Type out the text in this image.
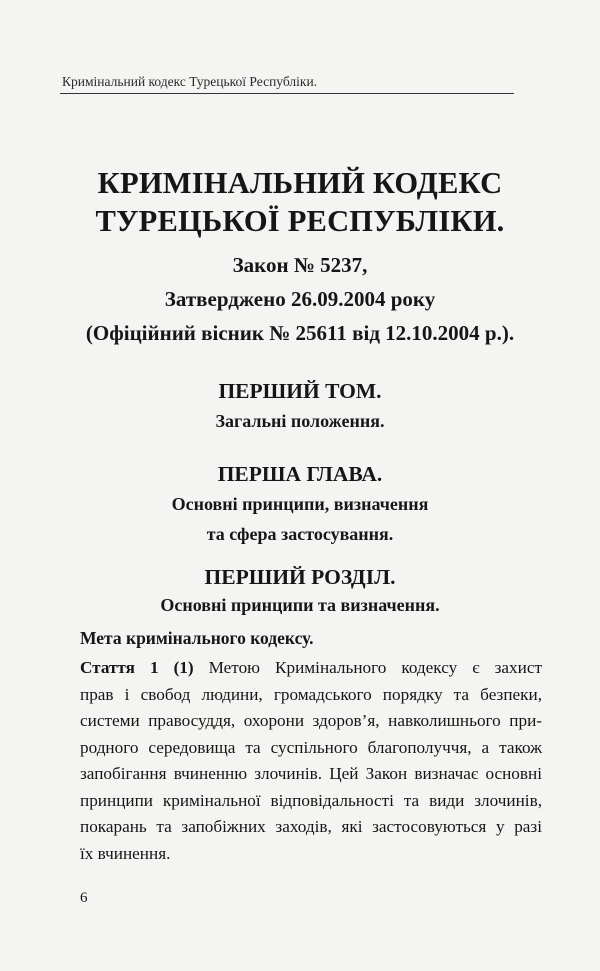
Кримінальний кодекс Турецької Республіки.
КРИМІНАЛЬНИЙ КОДЕКС
ТУРЕЦЬКОЇ РЕСПУБЛІКИ.
Закон № 5237,
Затверджено 26.09.2004 року
(Офіційний вісник № 25611 від 12.10.2004 р.).
ПЕРШИЙ ТОМ.
Загальні положення.
ПЕРША ГЛАВА.
Основні принципи, визначення
та сфера застосування.
ПЕРШИЙ РОЗДІЛ.
Основні принципи та визначення.
Мета кримінального кодексу.
Стаття 1 (1) Метою Кримінального кодексу є захист
прав і свобод людини, громадського порядку та безпеки,
системи правосуддя, охорони здоров’я, навколишнього при-
родного середовища та суспільного благополуччя, а також
запобігання вчиненню злочинів. Цей Закон визначає основні
принципи кримінальної відповідальності та види злочинів,
покарань та запобіжних заходів, які застосовуються у разі
їх вчинення.
6
